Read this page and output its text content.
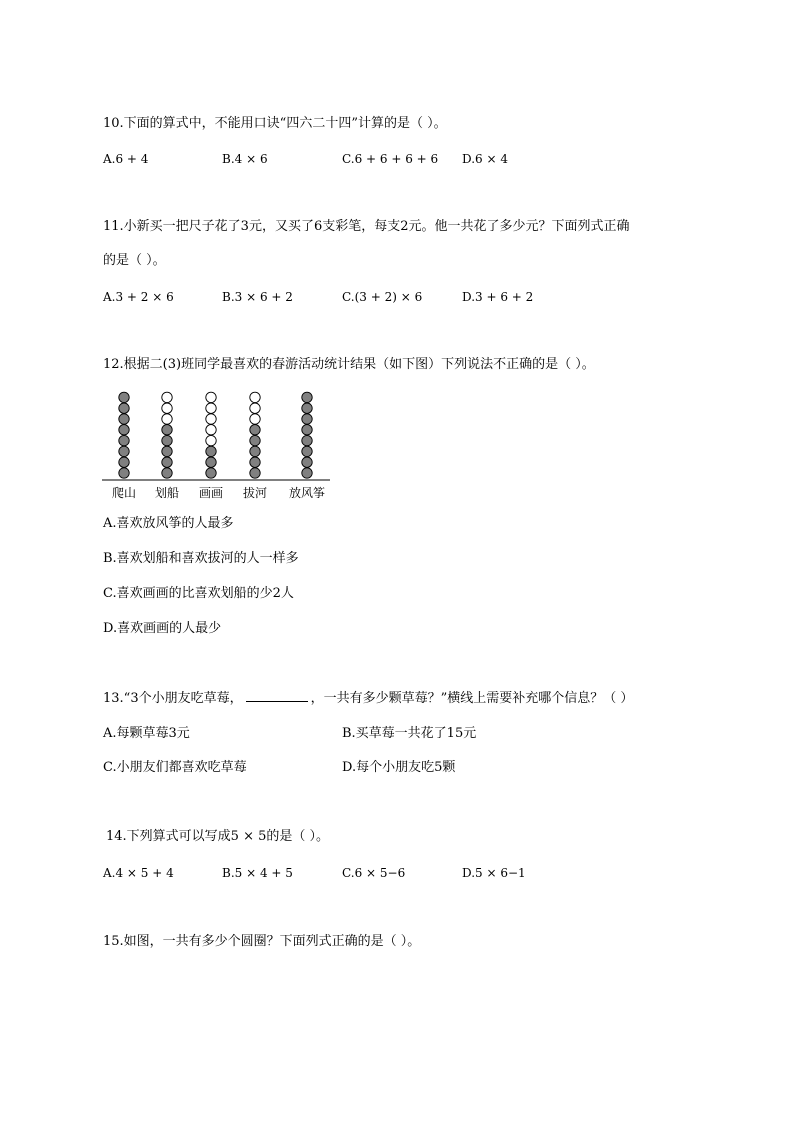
10.下面的算式中，不能用口诀“四六二十四”计算的是（ ）。
A.6 + 4	B.4 × 6	C.6 + 6 + 6 + 6 D.6 × 4
11.小新买一把尺子花了3元，又买了6支彩笔，每支2元。他一共花了多少元？下面列式正确
的是（ ）。
A.3 + 2 × 6	B.3 × 6 + 2	C.(3 + 2) × 6	D.3 + 6 + 2
12.根据二(3)班同学最喜欢的春游活动统计结果（如下图）下列说法不正确的是（ ）。
爬山 划船 画画 拔河 放风筝
A.喜欢放风筝的人最多
B.喜欢划船和喜欢拔河的人一样多
C.喜欢画画的比喜欢划船的少2人
D.喜欢画画的人最少
13.“3个小朋友吃草莓，	，一共有多少颗草莓？”横线上需要补充哪个信息？（ ）
A.每颗草莓3元	B.买草莓一共花了15元
C.小朋友们都喜欢吃草莓	D.每个小朋友吃5颗
14.下列算式可以写成5 × 5的是（ ）。
A.4 × 5 + 4	B.5 × 4 + 5	C.6 × 5−6	D.5 × 6−1
15.如图，一共有多少个圆圈？下面列式正确的是（ ）。
